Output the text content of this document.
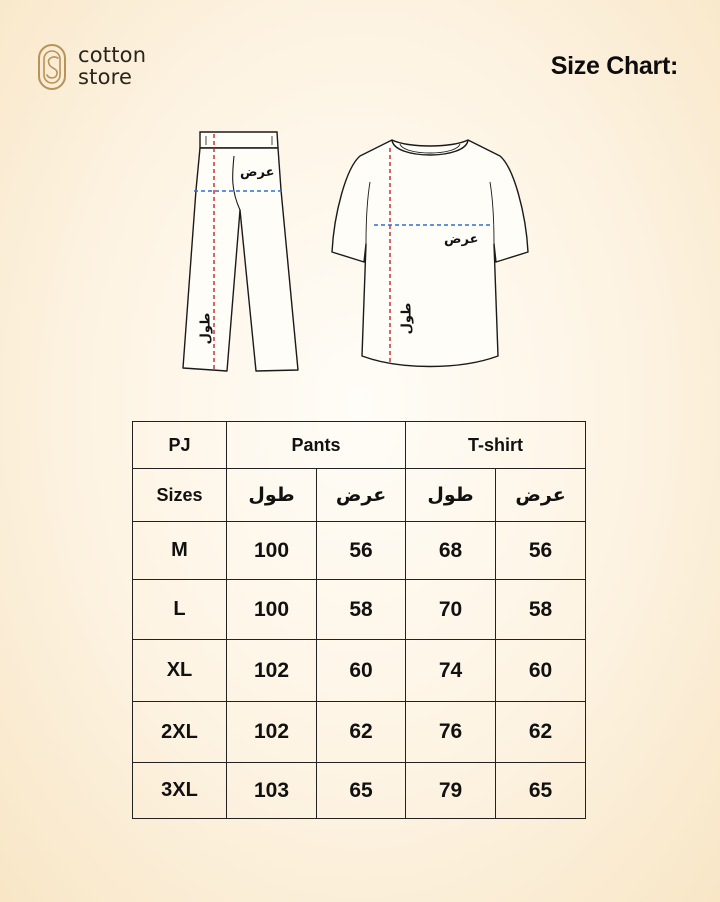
cotton
store	Size Chart:
عرض
طول
عرض
طول
PJ	Pants		T-shirt	
Sizes	طول	عرض	طول	عرض
M	100	56	68	56
L	100	58	70	58
XL	102	60	74	60
2XL	102	62	76	62
3XL	103	65	79	65
